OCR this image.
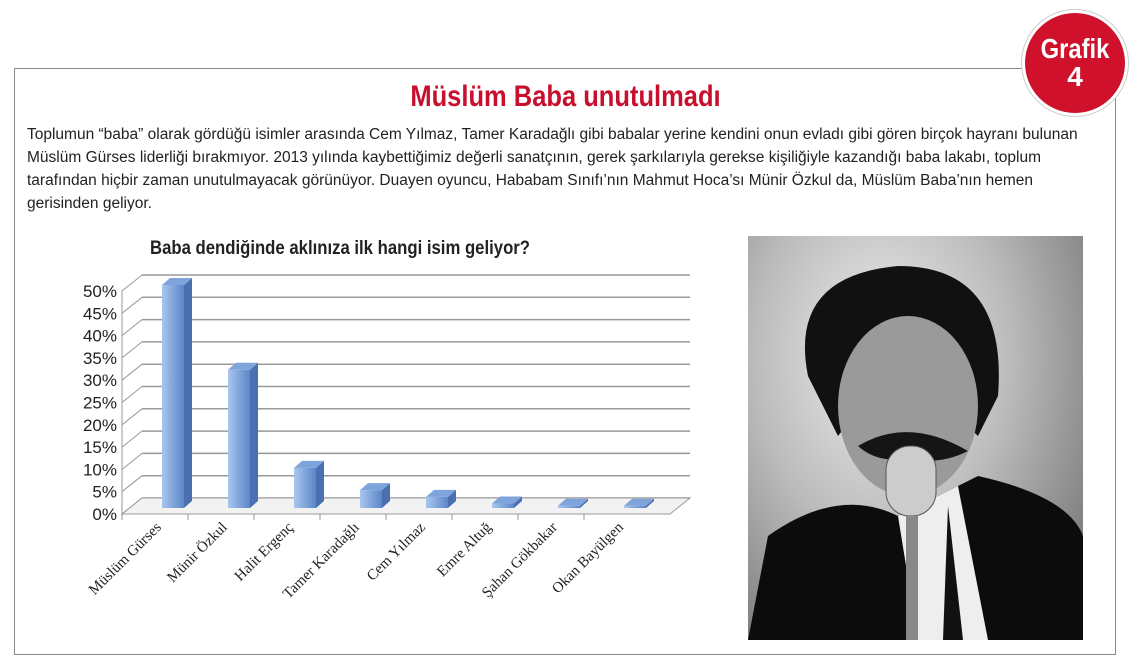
Grafik
4
Müslüm Baba unutulmadı
Toplumun “baba” olarak gördüğü isimler arasında Cem Yılmaz, Tamer Karadağlı gibi babalar yerine kendini onun evladı gibi gören birçok hayranı bulunan Müslüm Gürses liderliği bırakmıyor. 2013 yılında kaybettiğimiz değerli sanatçının, gerek şarkılarıyla gerekse kişiliğiyle kazandığı baba lakabı, toplum tarafından hiçbir zaman unutulmayacak görünüyor. Duayen oyuncu, Hababam Sınıfı’nın Mahmut Hoca’sı Münir Özkul da, Müslüm Baba’nın hemen gerisinden geliyor.
Baba dendiğinde aklınıza ilk hangi isim geliyor?
0%
5%
10%
15%
20%
25%
30%
35%
40%
45%
50%
Müslüm Gürses Münir Özkul Halit Ergenç
Tamer Karadağlı Cem Yılmaz Emre Altuğ
Şahan Gökbakar
Okan Bayülgen
